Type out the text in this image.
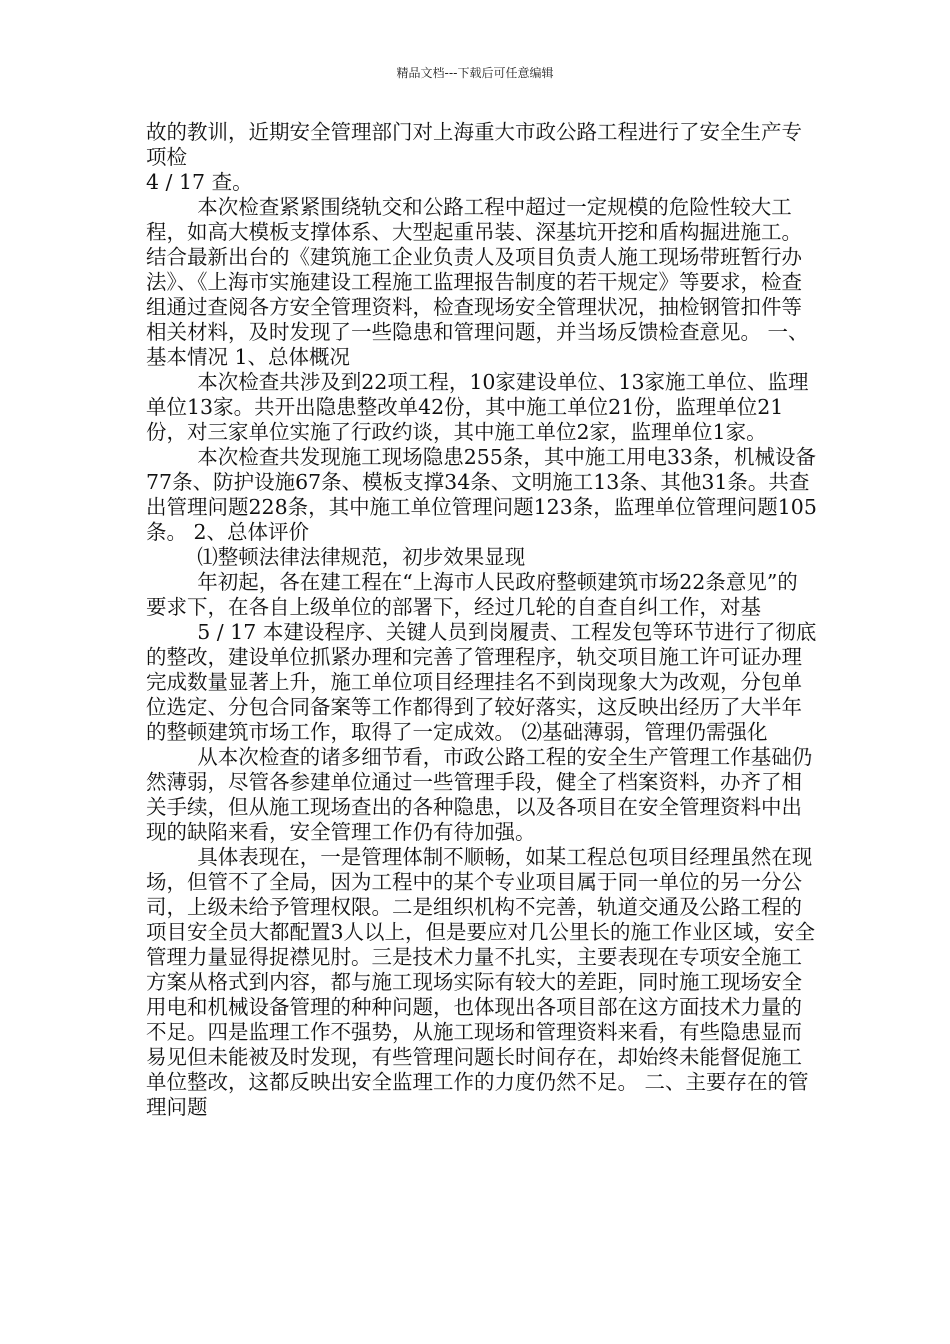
精品文档---下载后可任意编辑

故的教训，近期安全管理部门对上海重大市政公路工程进行了安全生产专项检

4 / 17 查。

本次检查紧紧围绕轨交和公路工程中超过一定规模的危险性较大工程，如高大模板支撑体系、大型起重吊装、深基坑开挖和盾构掘进施工。结合最新出台的《建筑施工企业负责人及项目负责人施工现场带班暂行办法》、《上海市实施建设工程施工监理报告制度的若干规定》等要求，检查组通过查阅各方安全管理资料，检查现场安全管理状况，抽检钢管扣件等相关材料，及时发现了一些隐患和管理问题，并当场反馈检查意见。 一、基本情况 1、总体概况

本次检查共涉及到22项工程，10家建设单位、13家施工单位、监理单位13家。共开出隐患整改单42份，其中施工单位21份，监理单位21份，对三家单位实施了行政约谈，其中施工单位2家，监理单位1家。

本次检查共发现施工现场隐患255条，其中施工用电33条，机械设备77条、防护设施67条、模板支撑34条、文明施工13条、其他31条。共查出管理问题228条，其中施工单位管理问题123条，监理单位管理问题105条。 2、总体评价

⑴整顿法律法律规范，初步效果显现

年初起，各在建工程在“上海市人民政府整顿建筑市场22条意见”的要求下，在各自上级单位的部署下，经过几轮的自查自纠工作，对基

5 / 17 本建设程序、关键人员到岗履责、工程发包等环节进行了彻底的整改，建设单位抓紧办理和完善了管理程序，轨交项目施工许可证办理完成数量显著上升，施工单位项目经理挂名不到岗现象大为改观，分包单位选定、分包合同备案等工作都得到了较好落实，这反映出经历了大半年的整顿建筑市场工作，取得了一定成效。 ⑵基础薄弱，管理仍需强化

从本次检查的诸多细节看，市政公路工程的安全生产管理工作基础仍然薄弱，尽管各参建单位通过一些管理手段，健全了档案资料，办齐了相关手续，但从施工现场查出的各种隐患，以及各项目在安全管理资料中出现的缺陷来看，安全管理工作仍有待加强。

具体表现在，一是管理体制不顺畅，如某工程总包项目经理虽然在现场，但管不了全局，因为工程中的某个专业项目属于同一单位的另一分公司，上级未给予管理权限。二是组织机构不完善，轨道交通及公路工程的项目安全员大都配置3人以上，但是要应对几公里长的施工作业区域，安全管理力量显得捉襟见肘。三是技术力量不扎实，主要表现在专项安全施工方案从格式到内容，都与施工现场实际有较大的差距，同时施工现场安全用电和机械设备管理的种种问题，也体现出各项目部在这方面技术力量的不足。四是监理工作不强势，从施工现场和管理资料来看，有些隐患显而易见但未能被及时发现，有些管理问题长时间存在，却始终未能督促施工单位整改，这都反映出安全监理工作的力度仍然不足。 二、主要存在的管理问题
